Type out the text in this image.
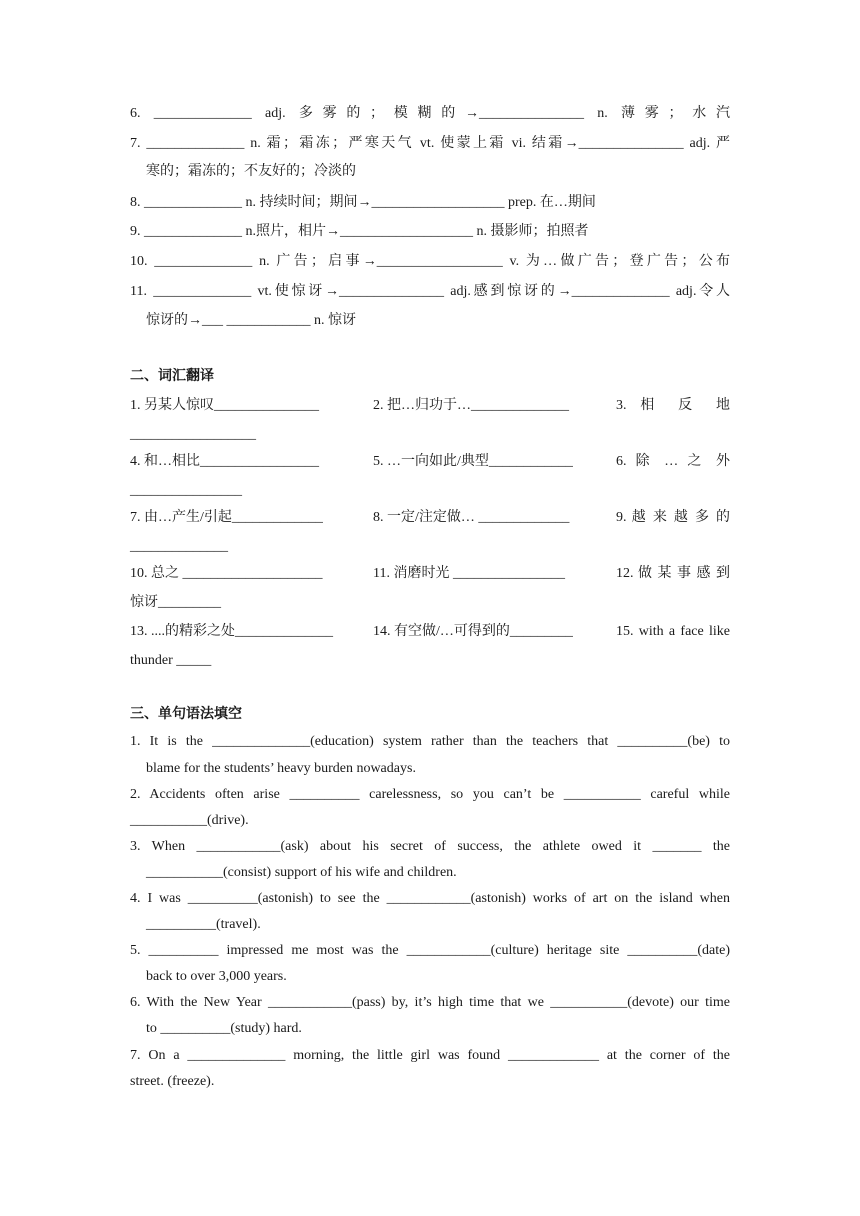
6. ______________ adj. 多雾的；模糊的→_______________ n. 薄雾；水汽
7. ______________ n. 霜；霜冻；严寒天气 vt. 使蒙上霜 vi. 结霜→_______________ adj. 严
寒的；霜冻的；不友好的；冷淡的
8. ______________ n. 持续时间；期间→___________________ prep. 在…期间
9. ______________ n.照片，相片→___________________ n. 摄影师；拍照者
10. ______________ n. 广告；启事→__________________ v. 为…做广告；登广告；公布
11. ______________ vt.使惊讶→_______________ adj.感到惊讶的→______________ adj.令人
惊讶的→___ ____________ n. 惊讶
二、词汇翻译
1. 另某人惊叹_______________	2. 把…归功于…______________	3. 相 反 地
__________________
4. 和…相比_________________	5. …一向如此/典型____________	6. 除 … 之 外
________________
7. 由…产生/引起_____________	8. 一定/注定做… _____________	9. 越 来 越 多 的
______________
10. 总之 ____________________	11. 消磨时光 ________________	12. 做 某 事 感 到
惊讶_________
13. ....的精彩之处______________	14. 有空做/…可得到的_________	15. with a face like
thunder _____
三、单句语法填空
1. It is the ______________(education) system rather than the teachers that __________(be) to
blame for the students’ heavy burden nowadays.
2. Accidents often arise __________ carelessness, so you can’t be ___________ careful while
___________(drive).
3. When ____________(ask) about his secret of success, the athlete owed it _______ the
___________(consist) support of his wife and children.
4. I was __________(astonish) to see the ____________(astonish) works of art on the island when
__________(travel).
5. __________ impressed me most was the ____________(culture) heritage site __________(date)
back to over 3,000 years.
6. With the New Year ____________(pass) by, it’s high time that we ___________(devote) our time
to __________(study) hard.
7. On a ______________ morning, the little girl was found _____________ at the corner of the
street. (freeze).
